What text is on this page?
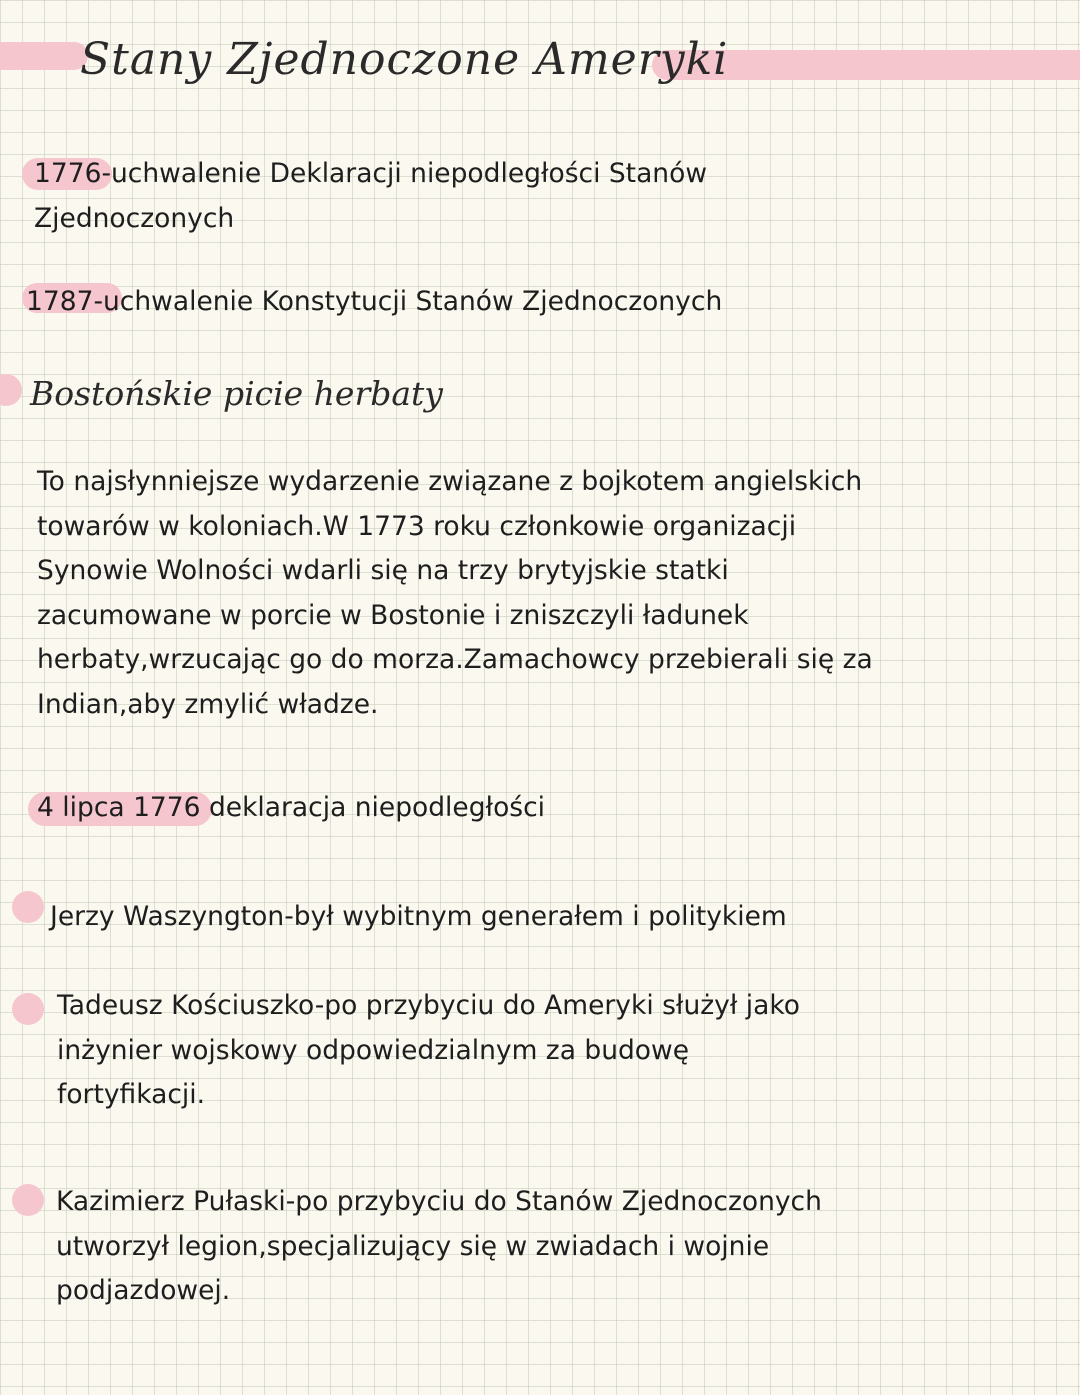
Stany Zjednoczone Ameryki
1776-uchwalenie Deklaracji niepodległości Stanów
Zjednoczonych
1787-uchwalenie Konstytucji Stanów Zjednoczonych
Bostońskie picie herbaty
To najsłynniejsze wydarzenie związane z bojkotem angielskich
towarów w koloniach.W 1773 roku członkowie organizacji
Synowie Wolności wdarli się na trzy brytyjskie statki
zacumowane w porcie w Bostonie i zniszczyli ładunek
herbaty,wrzucając go do morza.Zamachowcy przebierali się za
Indian,aby zmylić władze.
4 lipca 1776 deklaracja niepodległości
Jerzy Waszyngton-był wybitnym generałem i politykiem
Tadeusz Kościuszko-po przybyciu do Ameryki służył jako
inżynier wojskowy odpowiedzialnym za budowę
fortyfikacji.
Kazimierz Pułaski-po przybyciu do Stanów Zjednoczonych
utworzył legion,specjalizujący się w zwiadach i wojnie
podjazdowej.
